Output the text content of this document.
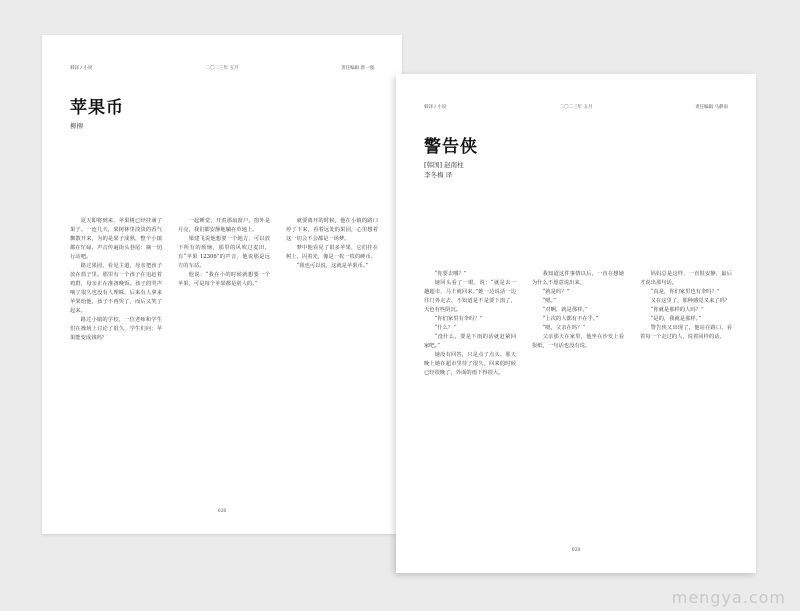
韩译 / 小说	二〇二三年 五月	责任编辑 唐一强
苹果币
柳柳

夏天即将到来，苹果树已经挂满了果子。一连几天，果树林里淡淡的香气飘散开来，为的是果子成熟，整个小镇都在忙碌，声音传遍街头巷尾：摘一切行动吧。

路过果园，看见主道，母亲把孩子放在篮子里。那里有一个孩子在追赶着鸡群，母亲正在准备晚饭。孩子的哭声响了很久也没有人理睬，后来有人拿来苹果给他，孩子不再哭了，而后又笑了起来。

路过小镇的学校，一位老师和学生们在操场上讨论了很久，学生们问：苹果能变成钱吗？

一起睡觉，开着那扇窗户，窗外是月亮，我们都安静地躺在草地上。

梁建飞说他想要一个地方，可以放下所有的烦恼，那里的风吹过麦田，有“苹果 12306”的声音，他说那是远方的车站。

他说：“我在小的时候就想要一个苹果，可是每个苹果都是别人的。”

就要离开的时候，他在小镇的路口停了下来，看着远处的果园，心里想着这一切会不会都是一场梦。

梦中他看见了很多苹果，它们挂在树上，闪着光，像是一枚一枚的硬币。

“我也可以说，这就是苹果币。”

026
韩译 / 小说	二〇二三年 五月	责任编辑 马静雨
警告侠
[韩国] 赵南柱
李冬梅 译

“你要去哪？”

她回头看了一眼，说：“就是去一趟超市，马上就回来。”她一边说话一边往门外走去，不知道是不是要下雨了，天色有些阴沉。

“你们家里有伞吗？”

“什么？”

“没什么，要是下雨的话就赶紧回家吧。”

她没有回答，只是点了点头。那天晚上她在超市里待了很久，回来的时候已经很晚了，外面的雨下得很大。

我知道这件事情以后，一直在想她为什么不愿意说出来。

“就是吗？”

“嗯。”

“对啊，就是那样。”

“上次的人都有不在乎。”

“嗯，父亲在吗？”

父亲那天在家里，他坐在沙发上看报纸，一句话也没有说。

妈妈总是这样，一直很安静，最后才说出那句话。

“真是，你们家里也有伞吗？”

又在这里了，那种感觉又来了吗？

“你就是那样的人吗？”

“是的，我就是那样。”

警告侠又出现了，他站在路口，看着每一个走过的人，说着同样的话。

028
mengya.com
